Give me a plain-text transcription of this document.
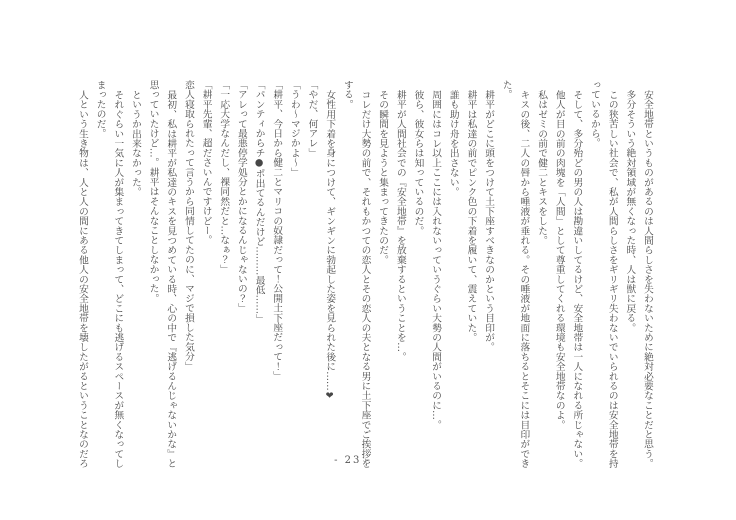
安全地帯というものがあるのは人間らしさを失わないために絶対必要なことだと思う。

多分そういう絶対領域が無くなった時、人は獣に戻る。

この狭苦しい社会で、私が人間らしさをギリギリ失わないでいられるのは安全地帯を持

っているから。

そして、多分殆どの男の人は勘違いしてるけど、安全地帯は一人になれる所じゃない。

他人が目の前の肉塊を「人間」として尊重してくれる環境も安全地帯なのよ。

私はゼミの前で健二とキスをした。

キスの後、二人の唇から唾液が垂れる。その唾液が地面に落ちるとそこには目印ができ

た。

耕平がどこに頭をつけて土下座すべきなのかという目印が。

耕平は私達の前でピンク色の下着を履いて、震えていた。

誰も助け舟を出さない。

周囲にはコレ以上ここには入れないっていうぐらい大勢の人間がいるのに…。

彼ら、彼女らは知っているのだ。

耕平が人間社会での『安全地帯』を放棄するということを…。

その瞬間を見ようと集まってきたのだ。

コレだけ大勢の前で、それもかつての恋人とその恋人の夫となる男に土下座でご挨拶を

する。

女性用下着を身につけて、ギンギンに勃起した姿を見られた後に……❤

「やだ、何アレ」

「うわ〜マジかよ〜」

「耕平、今日から健二とマリコの奴隷だって！公開土下座だって！」

「パンティからチ●ポ出てるんだけど………最低……」

「アレって最悪停学処分とかになるんじゃないの？」

「一応大学なんだし、裸同然だと…なぁ？」

「耕平先輩、超ださいんですけどー。

恋人寝取られたって言うから同情してたのに、マジで損した気分」

最初、私は耕平が私達のキスを見つめている時、心の中で『逃げるんじゃないかな』と

思っていたけど…。耕平はそんなことしなかった。

というか出来なかった。

それぐらい一気に人が集まってきてしまって、どこにも逃げるスペースが無くなってし

まったのだ。

人という生き物は、人と人の間にある他人の安全地帯を壊したがるということなのだろ	- 23 -
